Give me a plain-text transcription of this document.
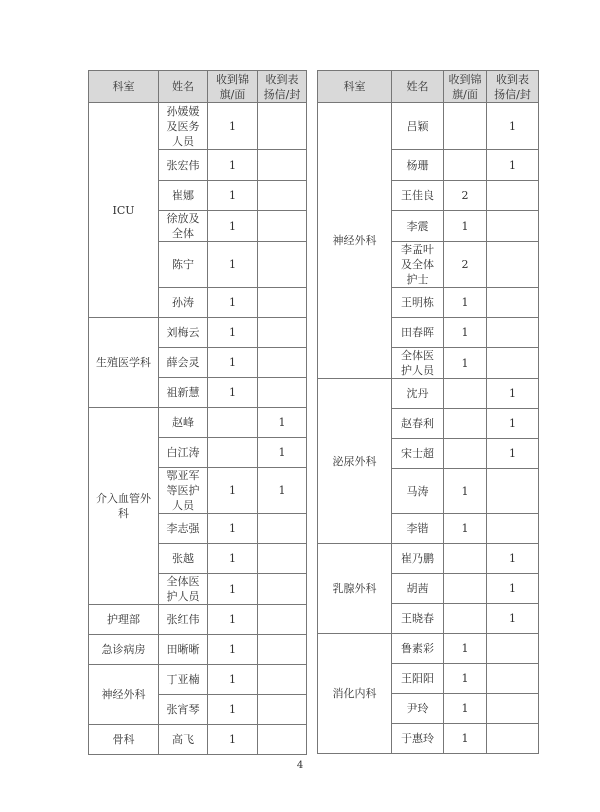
科室	姓名	收到锦旗/面	收到表扬信/封
ICU	孙媛媛及医务人员	1	
	张宏伟	1	
	崔娜	1	
	徐放及全体	1	
	陈宁	1	
	孙涛	1	
生殖医学科	刘梅云	1	
	薛会灵	1	
	祖新慧	1	
介入血管外科	赵峰		1
	白江涛		1
	鄂亚军等医护人员	1	1
	李志强	1	
	张越	1	
	全体医护人员	1	
护理部	张红伟	1	
急诊病房	田晰晰	1	
神经外科	丁亚楠	1	
	张宵琴	1	
骨科	高飞	1	
科室	姓名	收到锦旗/面	收到表扬信/封
神经外科	吕颖		1
	杨珊		1
	王佳良	2	
	李震	1	
	李孟叶及全体护士	2	
	王明栋	1	
	田春晖	1	
	全体医护人员	1	
泌尿外科	沈丹		1
	赵春利		1
	宋士超		1
	马涛	1	
	李锴	1	
乳腺外科	崔乃鹏		1
	胡茜		1
	王晓春		1
消化内科	鲁素彩	1	
	王阳阳	1	
	尹玲	1	
	于惠玲	1	
4
